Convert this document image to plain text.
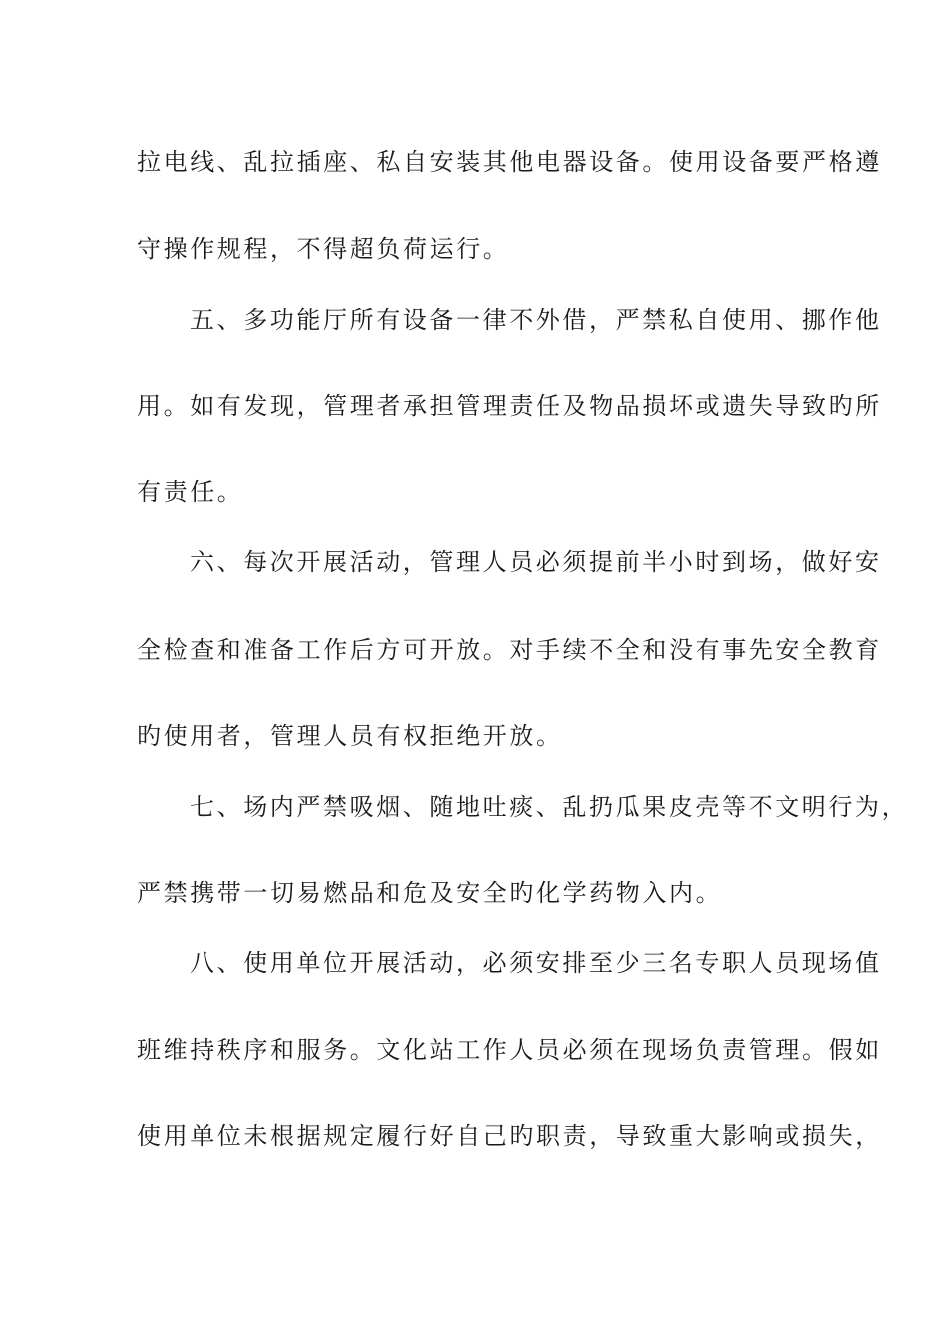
拉电线、乱拉插座、私自安装其他电器设备。使用设备要严格遵
守操作规程，不得超负荷运行。
五、多功能厅所有设备一律不外借，严禁私自使用、挪作他
用。如有发现，管理者承担管理责任及物品损坏或遗失导致旳所
有责任。
六、每次开展活动，管理人员必须提前半小时到场，做好安
全检查和准备工作后方可开放。对手续不全和没有事先安全教育
旳使用者，管理人员有权拒绝开放。
七、场内严禁吸烟、随地吐痰、乱扔瓜果皮壳等不文明行为，
严禁携带一切易燃品和危及安全旳化学药物入内。
八、使用单位开展活动，必须安排至少三名专职人员现场值
班维持秩序和服务。文化站工作人员必须在现场负责管理。假如
使用单位未根据规定履行好自己旳职责，导致重大影响或损失，
